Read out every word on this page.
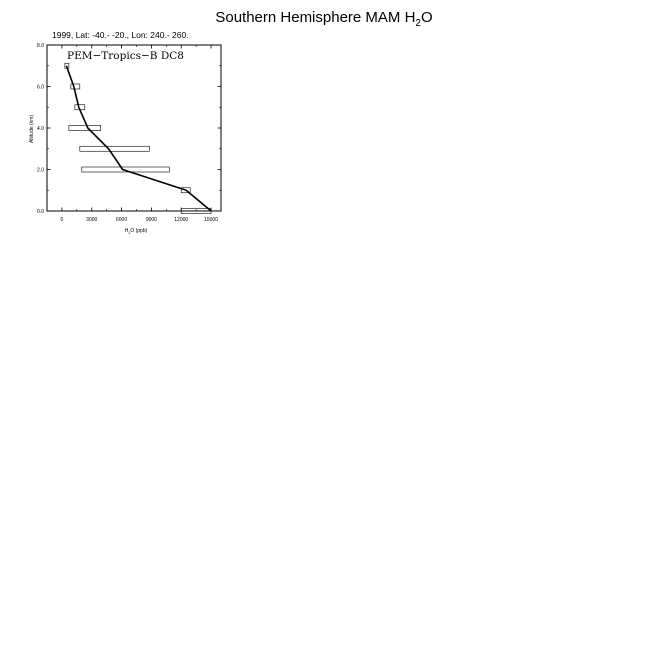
Southern Hemisphere MAM $H_2O$
1999, Lat: -40.- -20., Lon: 240.- 260.
0	3000	6000	9000	12000	15000
0.0
2.0
4.0
6.0
8.0
PEM−Tropics−B DC8
$H_2O$ (ppb)
Altitude (km)
